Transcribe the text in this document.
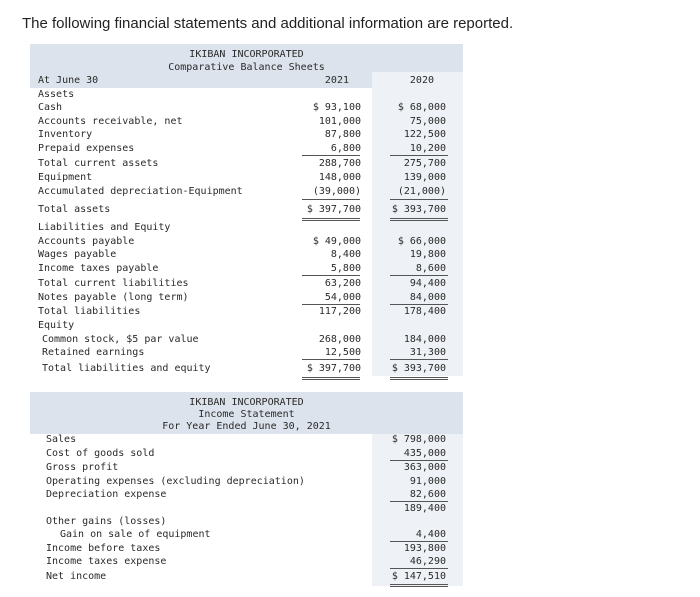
The following financial statements and additional information are reported.
IKIBAN INCORPORATED
Comparative Balance Sheets
At June 30	2021	2020
Assets
Cash	$ 93,100	$ 68,000
Accounts receivable, net	101,000	75,000
Inventory	87,800	122,500
Prepaid expenses	6,800	10,200
Total current assets	288,700	275,700
Equipment	148,000	139,000
Accumulated depreciation-Equipment	(39,000)	(21,000)
Total assets	$ 397,700	$ 393,700
Liabilities and Equity
Accounts payable	$ 49,000	$ 66,000
Wages payable	8,400	19,800
Income taxes payable	5,800	8,600
Total current liabilities	63,200	94,400
Notes payable (long term)	54,000	84,000
Total liabilities	117,200	178,400
Equity
Common stock, $5 par value	268,000	184,000
Retained earnings	12,500	31,300
Total liabilities and equity	$ 397,700	$ 393,700
IKIBAN INCORPORATED
Income Statement
For Year Ended June 30, 2021
Sales	$ 798,000
Cost of goods sold	435,000
Gross profit	363,000
Operating expenses (excluding depreciation)	91,000
Depreciation expense	82,600
189,400
Other gains (losses)
Gain on sale of equipment	4,400
Income before taxes	193,800
Income taxes expense	46,290
Net income	$ 147,510
